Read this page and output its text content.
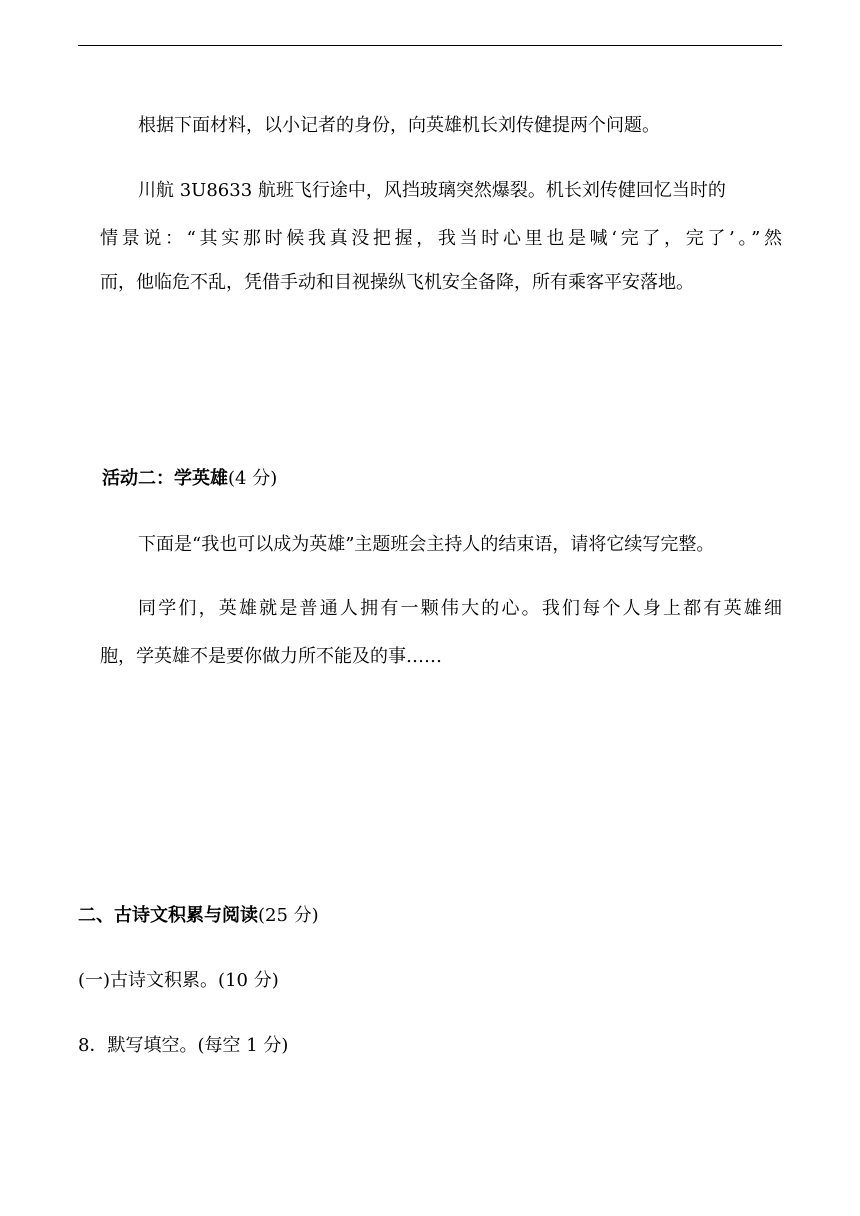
根据下面材料，以小记者的身份，向英雄机长刘传健提两个问题。
川航 3U8633 航班飞行途中，风挡玻璃突然爆裂。机长刘传健回忆当时的
情景说：“其实那时候我真没把握，我当时心里也是喊‘完了，完了’。”然
而，他临危不乱，凭借手动和目视操纵飞机安全备降，所有乘客平安落地。
活动二：学英雄(4 分)
下面是“我也可以成为英雄”主题班会主持人的结束语，请将它续写完整。
同学们，英雄就是普通人拥有一颗伟大的心。我们每个人身上都有英雄细
胞，学英雄不是要你做力所不能及的事……
二、古诗文积累与阅读(25 分)
(一)古诗文积累。(10 分)
8．默写填空。(每空 1 分)
